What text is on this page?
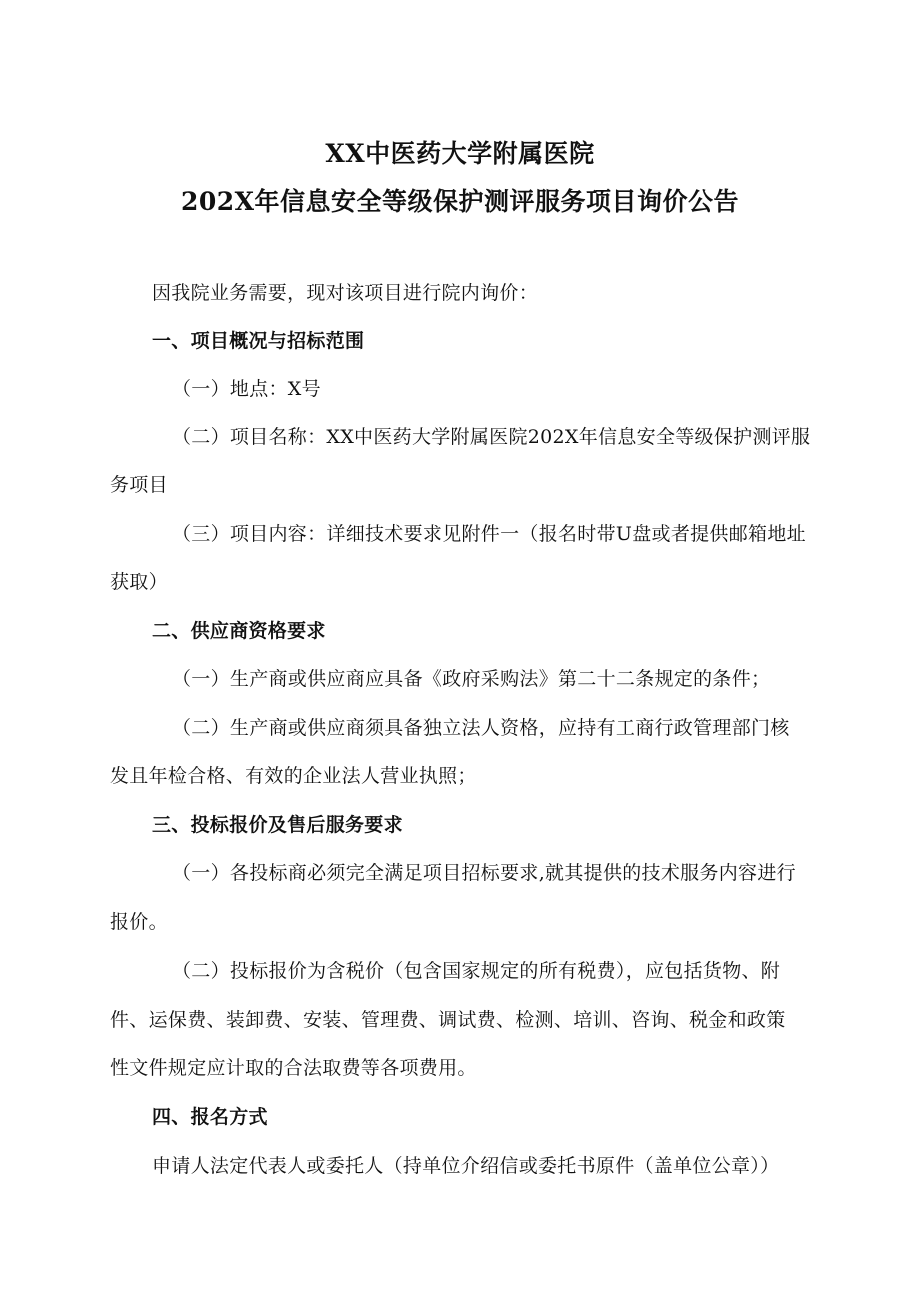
XX中医药大学附属医院
202X年信息安全等级保护测评服务项目询价公告
因我院业务需要，现对该项目进行院内询价：
一、项目概况与招标范围
（一）地点：X号
（二）项目名称：XX中医药大学附属医院202X年信息安全等级保护测评服
务项目
（三）项目内容：详细技术要求见附件一（报名时带U盘或者提供邮箱地址
获取）
二、供应商资格要求
（一）生产商或供应商应具备《政府采购法》第二十二条规定的条件；
（二）生产商或供应商须具备独立法人资格，应持有工商行政管理部门核
发且年检合格、有效的企业法人营业执照；
三、投标报价及售后服务要求
（一）各投标商必须完全满足项目招标要求,就其提供的技术服务内容进行
报价。
（二）投标报价为含税价（包含国家规定的所有税费），应包括货物、附
件、运保费、装卸费、安装、管理费、调试费、检测、培训、咨询、税金和政策
性文件规定应计取的合法取费等各项费用。
四、报名方式
申请人法定代表人或委托人（持单位介绍信或委托书原件（盖单位公章））
